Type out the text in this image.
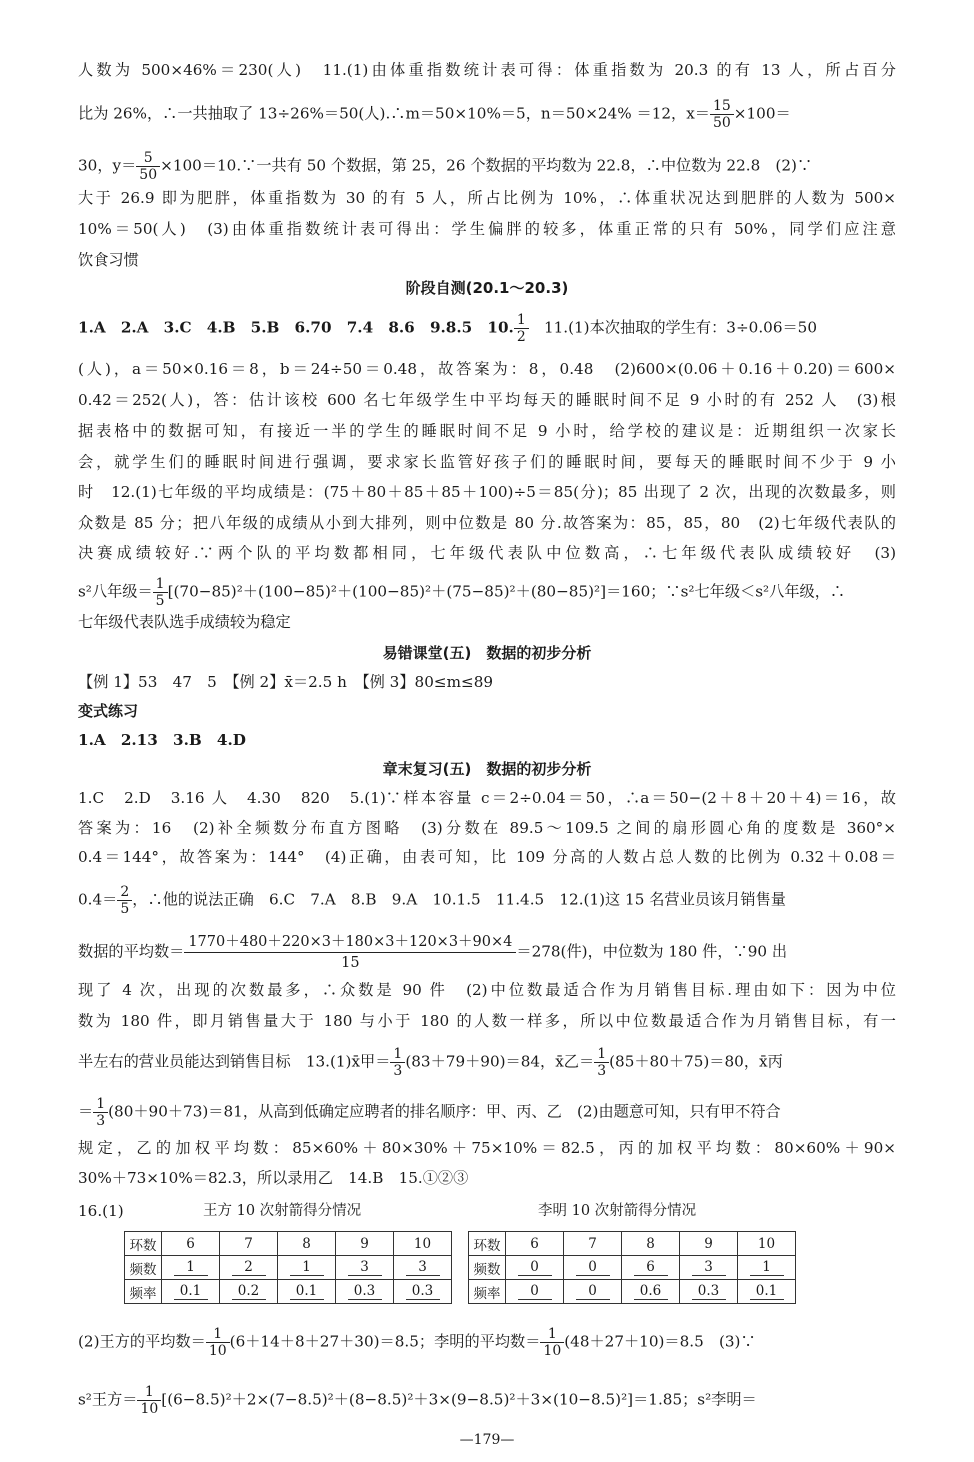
人数为 500×46%＝230(人)　11.(1)由体重指数统计表可得：体重指数为 20.3 的有 13 人，所占百分
比为 26%，∴一共抽取了 13÷26%＝50(人).∴m＝50×10%＝5，n＝50×24% ＝12，$x= \frac{15}{50} \times 100=$
30，$y= \frac{5}{50}$ ×100＝10.∵一共有 50 个数据，第 25，26 个数据的平均数为 22.8，∴中位数为 22.8　(2)∵
大于 26.9 即为肥胖，体重指数为 30 的有 5 人，所占比例为 10%，∴体重状况达到肥胖的人数为 500×
10%＝50(人)　(3)由体重指数统计表可得出：学生偏胖的较多，体重正常的只有 50%，同学们应注意
饮食习惯
阶段自测(20.1～20.3)
1.A　2.A　3.C　4.B　5.B　6.70　7.4　8.6　9.8.5　10. $\frac{1}{2}$ 　11.(1)本次抽取的学生有：3÷0.06＝50
(人)，a＝50×0.16＝8，b＝24÷50＝0.48，故答案为：8，0.48　(2)600×(0.06＋0.16＋0.20)＝600×
0.42＝252(人)，答：估计该校 600 名七年级学生中平均每天的睡眠时间不足 9 小时的有 252 人　(3)根
据表格中的数据可知，有接近一半的学生的睡眠时间不足 9 小时，给学校的建议是：近期组织一次家长
会，就学生们的睡眠时间进行强调，要求家长监管好孩子们的睡眠时间，要每天的睡眠时间不少于 9 小
时　12.(1)七年级的平均成绩是：(75＋80＋85＋85＋100)÷5＝85(分)；85 出现了 2 次，出现的次数最多，则
众数是 85 分；把八年级的成绩从小到大排列，则中位数是 80 分.故答案为：85，85，80　(2)七年级代表队的
决赛成绩较好.∵两个队的平均数都相同，七年级代表队中位数高，∴七年级代表队成绩较好　(3)
s²八年级＝ $\frac{1}{5} [(70-85)^2+(100-85)^2+(100-85)^2+(75-85)^2+(80-85)^2]=160$；∵s²七年级＜s²八年级，∴
七年级代表队选手成绩较为稳定
易错课堂(五)　数据的初步分析
【例 1】53　47　5　【例 2】x̄＝2.5 h　【例 3】80≤m≤89
变式练习
1.A　2.13　3.B　4.D
章末复习(五)　数据的初步分析
1.C　2.D　3.16 人　4.30　820　5.(1)∵样本容量 c＝2÷0.04＝50，∴a＝50−(2＋8＋20＋4)＝16，故
答案为：16　(2)补全频数分布直方图略　(3)分数在 89.5～109.5 之间的扇形圆心角的度数是 360°×
0.4＝144°，故答案为：144°　(4)正确，由表可知，比 109 分高的人数占总人数的比例为 0.32＋0.08＝
$0.4= \frac{2}{5}$ ，∴他的说法正确　6.C　7.A　8.B　9.A　10.1.5　11.4.5　12.(1)这 15 名营业员该月销售量
数据的平均数＝ $\frac{1770+480+220\times 3+180\times 3+120\times 3+90\times 4}{15} =278$(件)，中位数为 180 件，∵90 出
现了 4 次，出现的次数最多，∴众数是 90 件　(2)中位数最适合作为月销售目标.理由如下：因为中位
数为 180 件，即月销售量大于 180 与小于 180 的人数一样多，所以中位数最适合作为月销售目标，有一
半左右的营业员能达到销售目标　13.(1)x̄甲＝ $\frac{1}{3} (83+79+90)=84$，x̄乙＝ $\frac{1}{3} (85+80+75)=80$，x̄丙
＝ $\frac{1}{3} (80+90+73)=81$，从高到低确定应聘者的排名顺序：甲、丙、乙　(2)由题意可知，只有甲不符合
规定，乙的加权平均数：85×60%＋80×30%＋75×10%＝82.5，丙的加权平均数：80×60%＋90×
30%＋73×10%＝82.3，所以录用乙　14.B　15.①②③
16.(1)
(2)王方的平均数＝ $\frac{1}{10} (6+14+8+27+30)=8.5$；李明的平均数＝ $\frac{1}{10} (48+27+10)=8.5$　(3)∵
s²王方＝ $\frac{1}{10} [(6-8.5)^2+2\times(7-8.5)^2+(8-8.5)^2+3\times(9-8.5)^2+3\times(10-8.5)^2]=1.85$；s²李明＝
王方 10 次射箭得分情况
环数	6	7	8	9	10
频数	1	2	1	3	3
频率	0.1	0.2	0.1	0.3	0.3
李明 10 次射箭得分情况
环数	6	7	8	9	10
频数	0	0	6	3	1
频率	0	0	0.6	0.3	0.1
—179—
